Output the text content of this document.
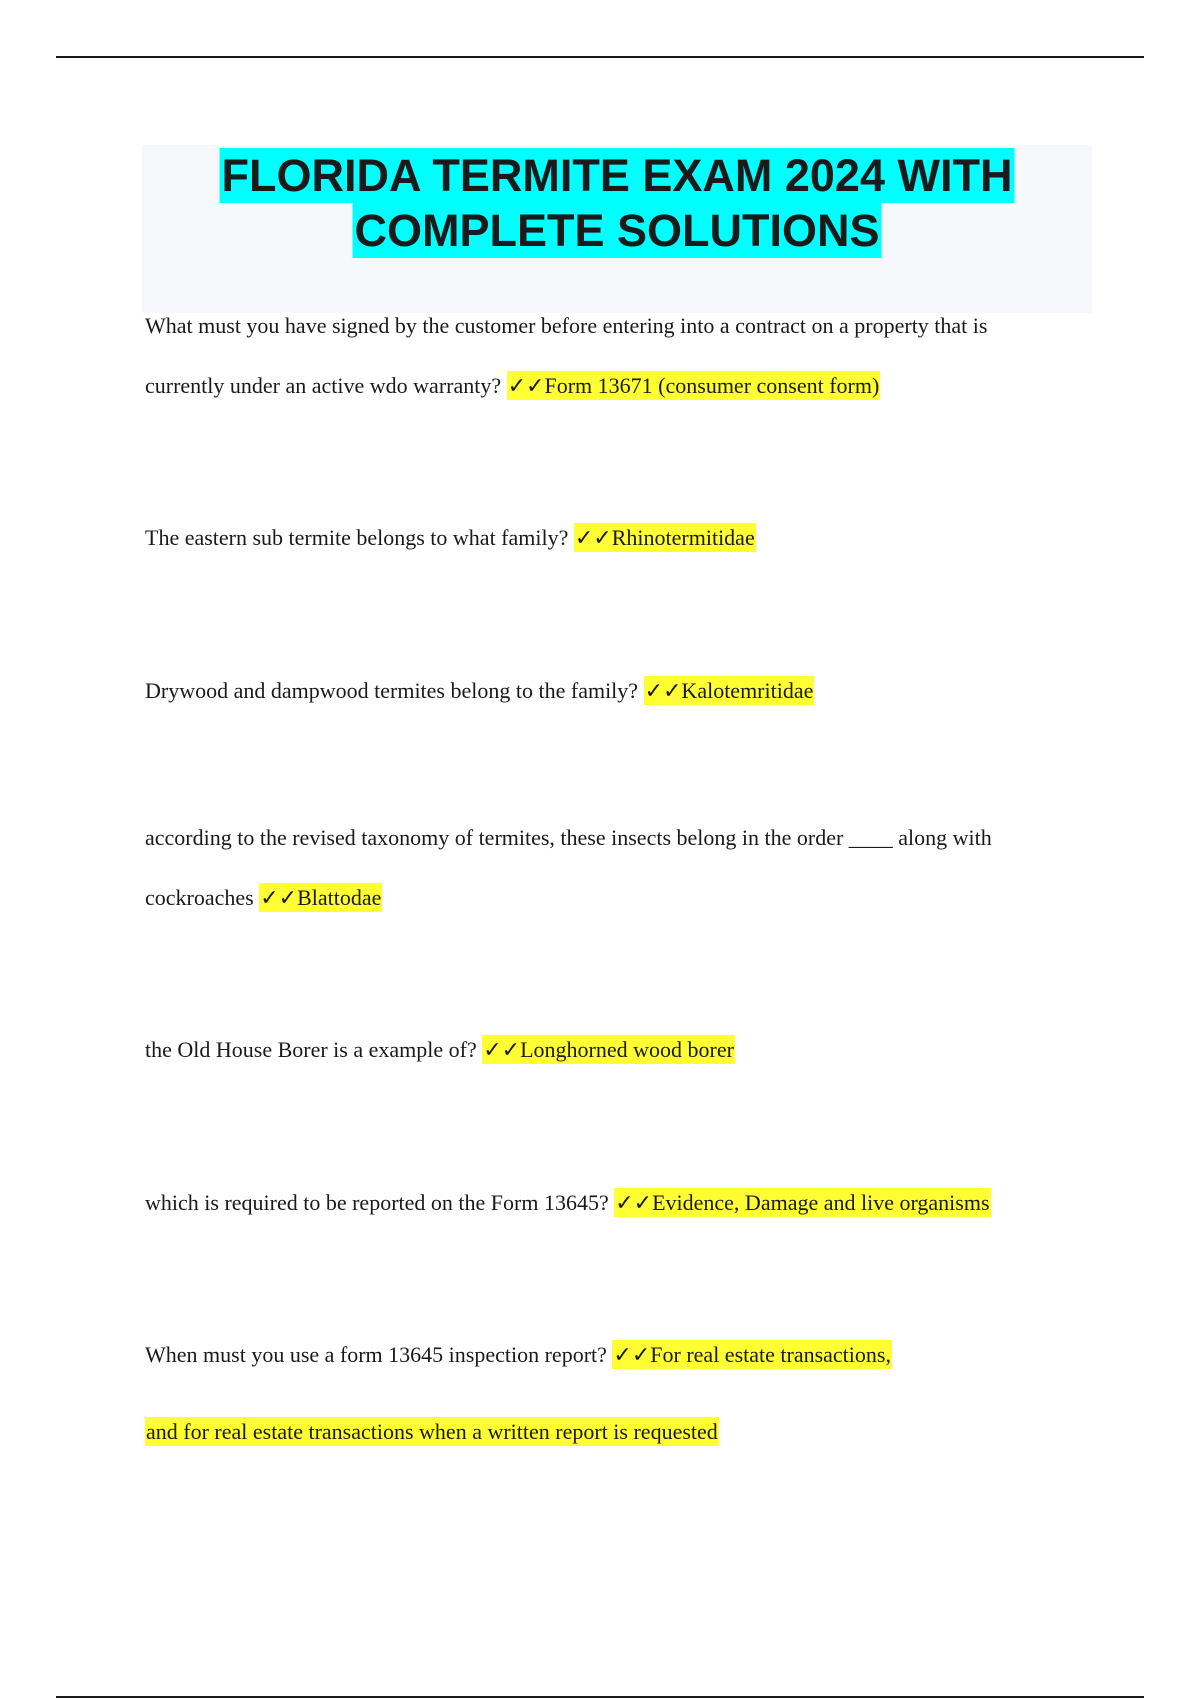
FLORIDA TERMITE EXAM 2024 WITH
COMPLETE SOLUTIONS
What must you have signed by the customer before entering into a contract on a property that is
currently under an active wdo warranty? ✓✓Form 13671 (consumer consent form)
The eastern sub termite belongs to what family? ✓✓Rhinotermitidae
Drywood and dampwood termites belong to the family? ✓✓Kalotemritidae
according to the revised taxonomy of termites, these insects belong in the order ____ along with
cockroaches ✓✓Blattodae
the Old House Borer is a example of? ✓✓Longhorned wood borer
which is required to be reported on the Form 13645? ✓✓Evidence, Damage and live organisms
When must you use a form 13645 inspection report? ✓✓For real estate transactions,
and for real estate transactions when a written report is requested
